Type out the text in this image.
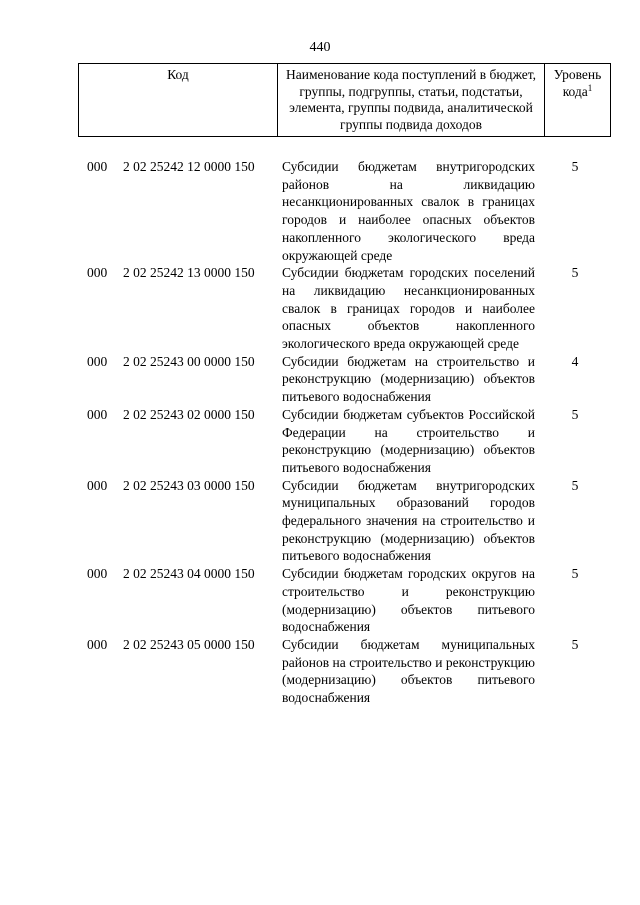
440
Код	Наименование кода поступлений в бюджет, группы, подгруппы, статьи, подстатьи, элемента, группы подвида, аналитической группы подвида доходов
Уровень кода$^1$
000 2 02 25242 12 0000 150 Субсидии бюджетам внутригородских районов на ликвидацию несанкционированных свалок в границах городов и наиболее опасных объектов накопленного экологического вреда окружающей среде
5
000 2 02 25242 13 0000 150 Субсидии бюджетам городских поселений на ликвидацию несанкционированных свалок в границах городов и наиболее опасных объектов накопленного экологического вреда окружающей среде
5
000 2 02 25243 00 0000 150 Субсидии бюджетам на строительство и реконструкцию (модернизацию) объектов питьевого водоснабжения
4
000 2 02 25243 02 0000 150 Субсидии бюджетам субъектов Российской Федерации на строительство и реконструкцию (модернизацию) объектов питьевого водоснабжения
5
000 2 02 25243 03 0000 150 Субсидии бюджетам внутригородских муниципальных образований городов федерального значения на строительство и реконструкцию (модернизацию) объектов питьевого водоснабжения
5
000 2 02 25243 04 0000 150 Субсидии бюджетам городских округов на строительство и реконструкцию (модернизацию) объектов питьевого водоснабжения
5
000 2 02 25243 05 0000 150 Субсидии бюджетам муниципальных районов на строительство и реконструкцию (модернизацию) объектов питьевого водоснабжения
5
